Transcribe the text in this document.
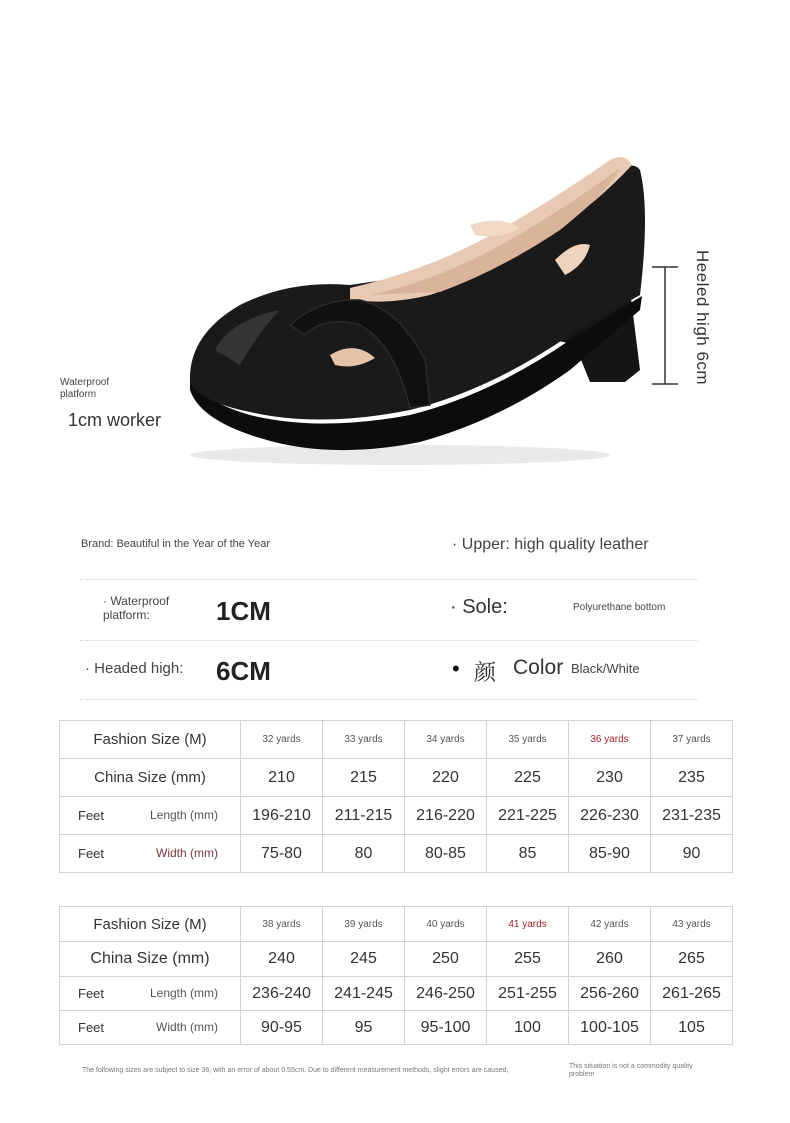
Heeled high 6cm
Waterproof platform
1cm worker
Brand: Beautiful in the Year of the Year	· Upper: high quality leather
· Waterproof platform:	1CM	· Sole:	Polyurethane bottom
· Headed high: 6CM	• 颜 Color Black/White
Fashion Size (M)	32 yards	33 yards	34 yards	35 yards	36 yards	37 yards
China Size (mm)	210	215	220	225	230	235

Feet Length (mm)	196-210	211-215	216-220	221-225	226-230	231-235

Feet Width (mm)	75-80	80	80-85	85	85-90	90
Fashion Size (M)	38 yards	39 yards	40 yards	41 yards	42 yards	43 yards
China Size (mm)	240	245	250	255	260	265

Feet Length (mm)	236-240	241-245	246-250	251-255	256-260	261-265

Feet Width (mm)	90-95	95	95-100	100	100-105	105
The following sizes are subject to size 36, with an error of about 0.55cm. Due to different measurement methods, slight errors are caused,
This situation is not a commodity quality problem
